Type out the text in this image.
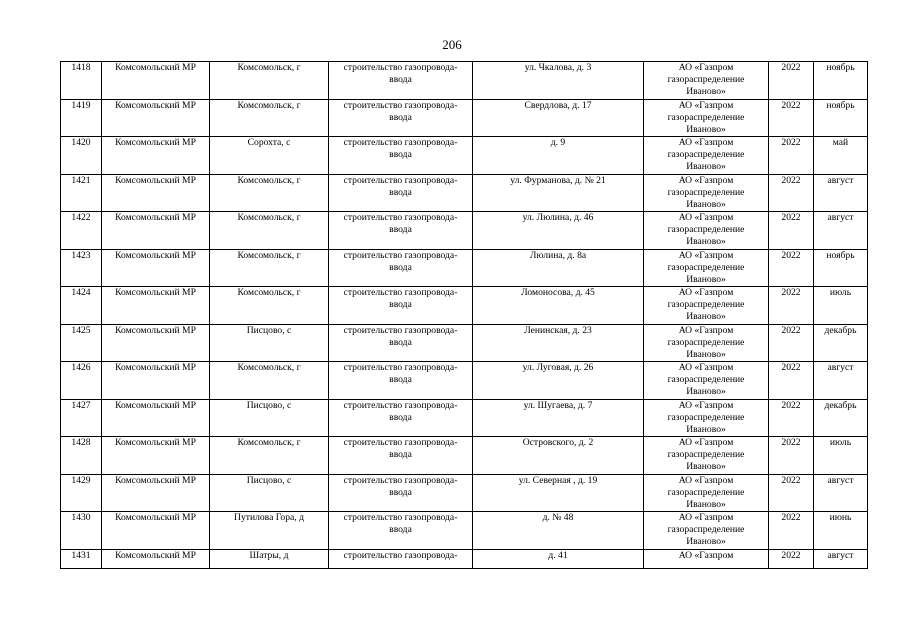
206
1418	Комсомольский МР	Комсомольск, г	строительство газопровода-
ввода	ул. Чкалова, д. 3	АО «Газпром
газораспределение
Иваново»	2022	ноябрь
1419	Комсомольский МР	Комсомольск, г	строительство газопровода-
ввода	Свердлова, д. 17	АО «Газпром
газораспределение
Иваново»	2022	ноябрь
1420	Комсомольский МР	Сорохта, с	строительство газопровода-
ввода	д. 9	АО «Газпром
газораспределение
Иваново»	2022	май
1421	Комсомольский МР	Комсомольск, г	строительство газопровода-
ввода	ул. Фурманова, д. № 21	АО «Газпром
газораспределение
Иваново»	2022	август
1422	Комсомольский МР	Комсомольск, г	строительство газопровода-
ввода	ул. Люлина, д. 46	АО «Газпром
газораспределение
Иваново»	2022	август
1423	Комсомольский МР	Комсомольск, г	строительство газопровода-
ввода	Люлина, д. 8а	АО «Газпром
газораспределение
Иваново»	2022	ноябрь
1424	Комсомольский МР	Комсомольск, г	строительство газопровода-
ввода	Ломоносова, д. 45	АО «Газпром
газораспределение
Иваново»	2022	июль
1425	Комсомольский МР	Писцово, с	строительство газопровода-
ввода	Ленинская, д. 23	АО «Газпром
газораспределение
Иваново»	2022	декабрь
1426	Комсомольский МР	Комсомольск, г	строительство газопровода-
ввода	ул. Луговая, д. 26	АО «Газпром
газораспределение
Иваново»	2022	август
1427	Комсомольский МР	Писцово, с	строительство газопровода-
ввода	ул. Шугаева, д. 7	АО «Газпром
газораспределение
Иваново»	2022	декабрь
1428	Комсомольский МР	Комсомольск, г	строительство газопровода-
ввода	Островского, д. 2	АО «Газпром
газораспределение
Иваново»	2022	июль
1429	Комсомольский МР	Писцово, с	строительство газопровода-
ввода	ул. Северная , д. 19	АО «Газпром
газораспределение
Иваново»	2022	август
1430	Комсомольский МР	Путилова Гора, д	строительство газопровода-
ввода	д. № 48	АО «Газпром
газораспределение
Иваново»	2022	июнь
1431	Комсомольский МР	Шатры, д	строительство газопровода-	д. 41	АО «Газпром	2022	август
